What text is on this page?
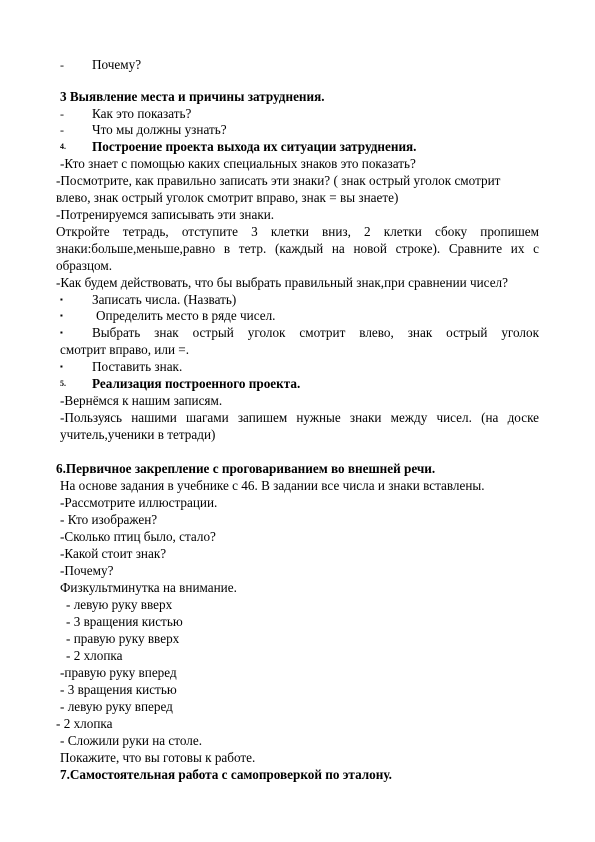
- Почему?
3 Выявление места и причины затруднения.
- Как это показать?
- Что мы должны узнать?
4. Построение проекта выхода их ситуации затруднения.
-Кто знает с помощью каких специальных знаков это показать?
-Посмотрите, как правильно записать эти знаки? ( знак острый уголок смотрит
влево, знак острый уголок смотрит вправо, знак = вы знаете)
-Потренируемся записывать эти знаки.
Откройте тетрадь, отступите 3 клетки вниз, 2 клетки сбоку пропишем
знаки:больше,меньше,равно в тетр. (каждый на новой строке). Сравните их с
образцом.
-Как будем действовать, что бы выбрать правильный знак,при сравнении чисел?
▪ Записать числа. (Назвать)
▪	Определить место в ряде чисел.
▪ Выбрать знак острый уголок смотрит влево, знак острый уголок
смотрит вправо, или =.
▪ Поставить знак.
5. Реализация построенного проекта.
-Вернёмся к нашим записям.
-Пользуясь нашими шагами запишем нужные знаки между чисел. (на доске
учитель,ученики в тетради)
6.Первичное закрепление с проговариванием во внешней речи.
На основе задания в учебнике с 46. В задании все числа и знаки вставлены.
-Рассмотрите иллюстрации.
- Кто изображен?
-Сколько птиц было, стало?
-Какой стоит знак?
-Почему?
Физкультминутка на внимание.
- левую руку вверх
- 3 вращения кистью
- правую руку вверх
- 2 хлопка
-правую руку вперед
- 3 вращения кистью
- левую руку вперед
- 2 хлопка
- Сложили руки на столе.
Покажите, что вы готовы к работе.
7.Самостоятельная работа с самопроверкой по эталону.
